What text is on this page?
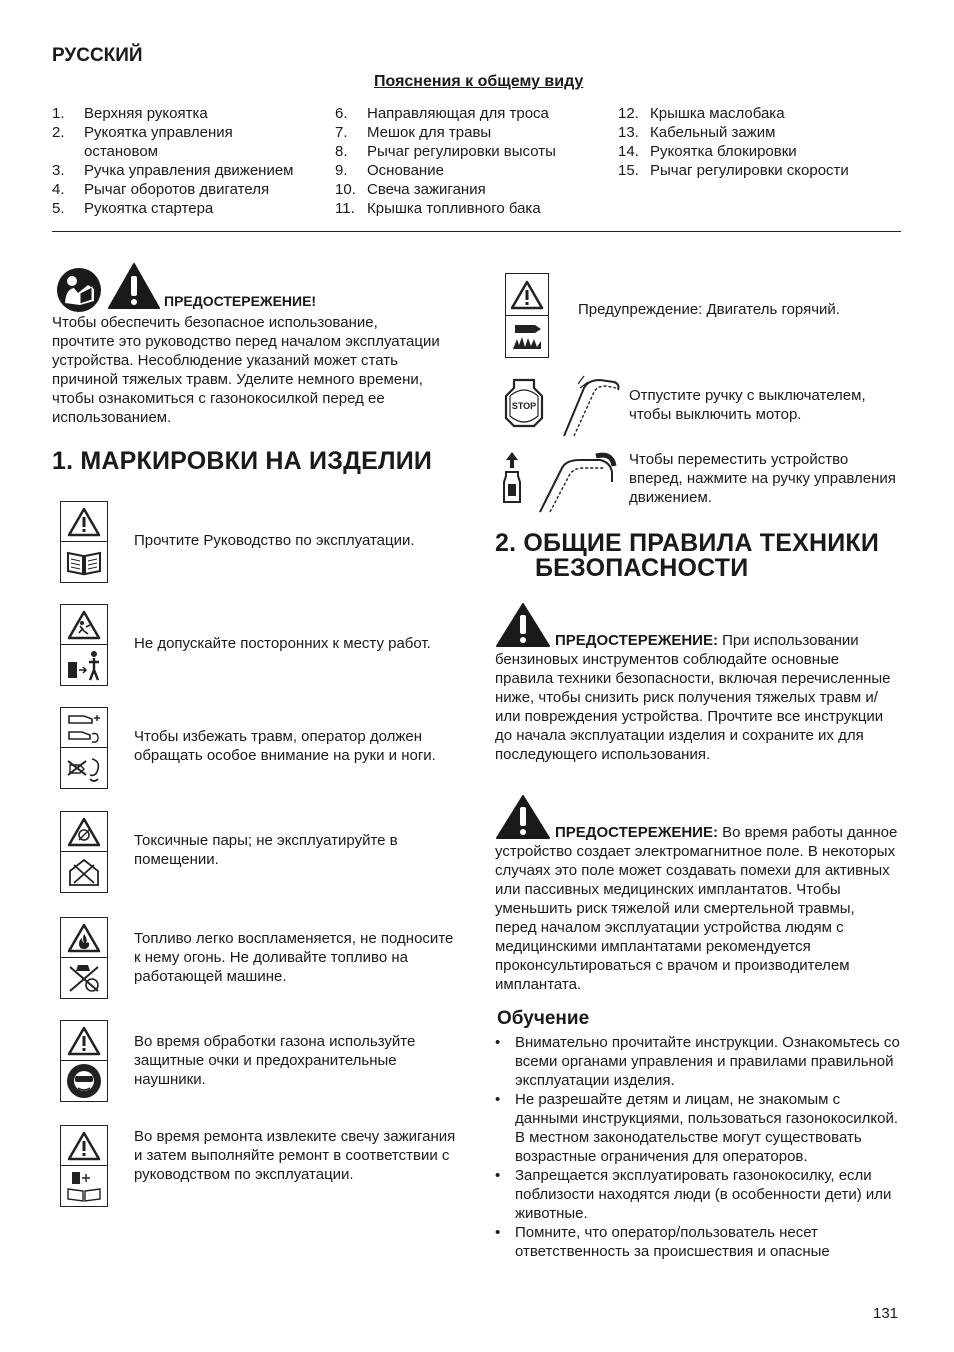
РУССКИЙ
Пояснения к общему виду
1.	Верхняя рукоятка
2.	Рукоятка управления остановом
3.	Ручка управления движением
4.	Рычаг оборотов двигателя
5.	Рукоятка стартера
6.	Направляющая для троса
7.	Мешок для травы
8.	Рычаг регулировки высоты
9.	Основание
10. Свеча зажигания
11. Крышка топливного бака
12. Крышка маслобака
13. Кабельный зажим
14. Рукоятка блокировки
15. Рычаг регулировки скорости
ПРЕДОСТЕРЕЖЕНИЕ!
Чтобы обеспечить безопасное использование, прочтите это руководство перед началом эксплуатации устройства. Несоблюдение указаний может стать причиной тяжелых травм. Уделите немного времени, чтобы ознакомиться с газонокосилкой перед ее использованием.
1. МАРКИРОВКИ НА ИЗДЕЛИИ
Прочтите Руководство по эксплуатации.
Не допускайте посторонних к месту работ.
Чтобы избежать травм, оператор должен обращать особое внимание на руки и ноги.
Токсичные пары; не эксплуатируйте в помещении.
Топливо легко воспламеняется, не подносите к нему огонь. Не доливайте топливо на работающей машине.
Во время обработки газона используйте защитные очки и предохранительные наушники.
Во время ремонта извлеките свечу зажигания и затем выполняйте ремонт в соответствии с руководством по эксплуатации.
Предупреждение: Двигатель горячий.
STOP
Отпустите ручку с выключателем, чтобы выключить мотор.
Чтобы переместить устройство вперед, нажмите на ручку управления движением.
2. ОБЩИЕ ПРАВИЛА ТЕХНИКИ
БЕЗОПАСНОСТИ
ПРЕДОСТЕРЕЖЕНИЕ: При использовании бензиновых инструментов соблюдайте основные правила техники безопасности, включая перечисленные ниже, чтобы снизить риск получения тяжелых травм и/или повреждения устройства. Прочтите все инструкции до начала эксплуатации изделия и сохраните их для последующего использования.
ПРЕДОСТЕРЕЖЕНИЕ: Во время работы данное устройство создает электромагнитное поле. В некоторых случаях это поле может создавать помехи для активных или пассивных медицинских имплантатов. Чтобы уменьшить риск тяжелой или смертельной травмы, перед началом эксплуатации устройства людям с медицинскими имплантатами рекомендуется проконсультироваться с врачом и производителем имплантата.
Обучение
• Внимательно прочитайте инструкции. Ознакомьтесь со всеми органами управления и правилами правильной эксплуатации изделия.
• Не разрешайте детям и лицам, не знакомым с данными инструкциями, пользоваться газонокосилкой. В местном законодательстве могут существовать возрастные ограничения для операторов.
• Запрещается эксплуатировать газонокосилку, если поблизости находятся люди (в особенности дети) или животные.
• Помните, что оператор/пользователь несет ответственность за происшествия и опасные
131
